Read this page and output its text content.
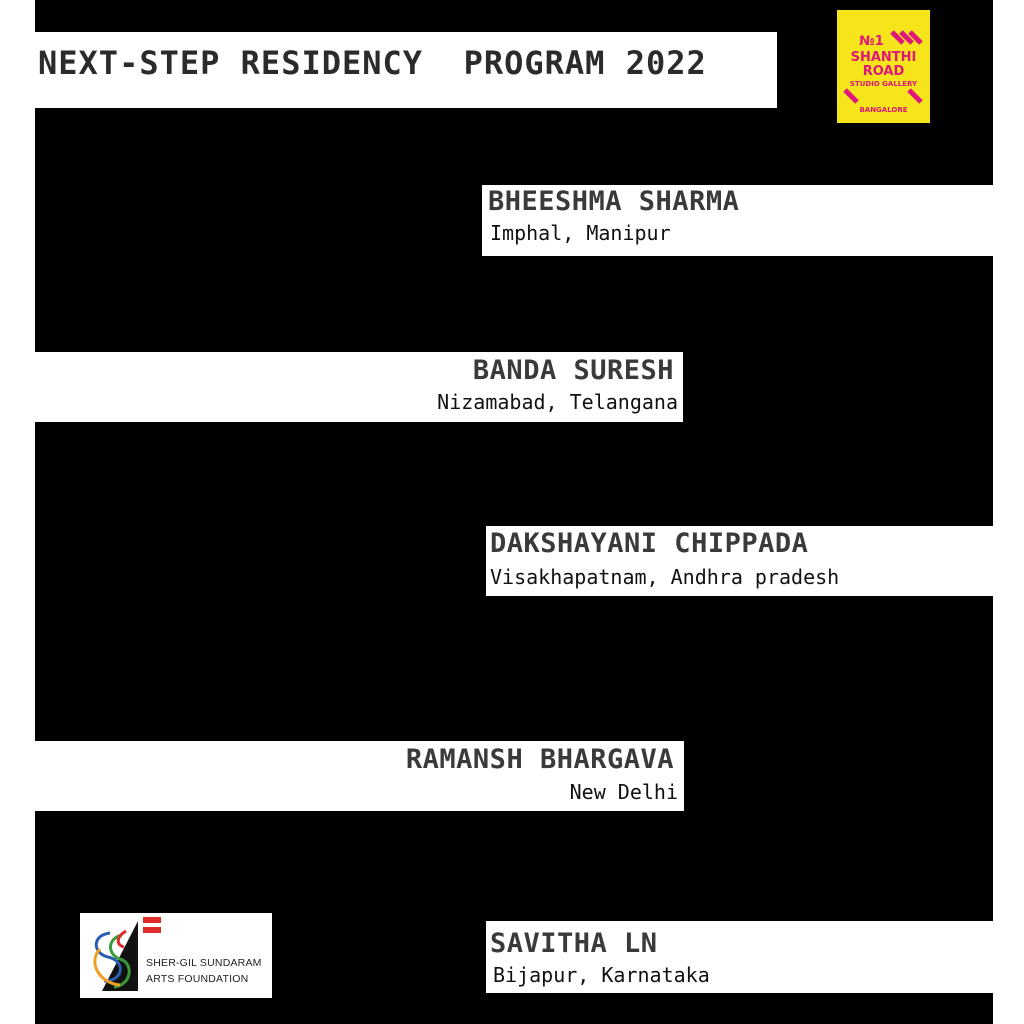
NEXT-STEP RESIDENCY  PROGRAM 2022
№1
SHANTHI
ROAD
STUDIO GALLERY
BANGALORE
BHEESHMA SHARMA
Imphal, Manipur
BANDA SURESH
Nizamabad, Telangana
DAKSHAYANI CHIPPADA
Visakhapatnam, Andhra pradesh
RAMANSH BHARGAVA
New Delhi
SAVITHA LN
Bijapur, Karnataka
SHER-GIL SUNDARAM
ARTS FOUNDATION
